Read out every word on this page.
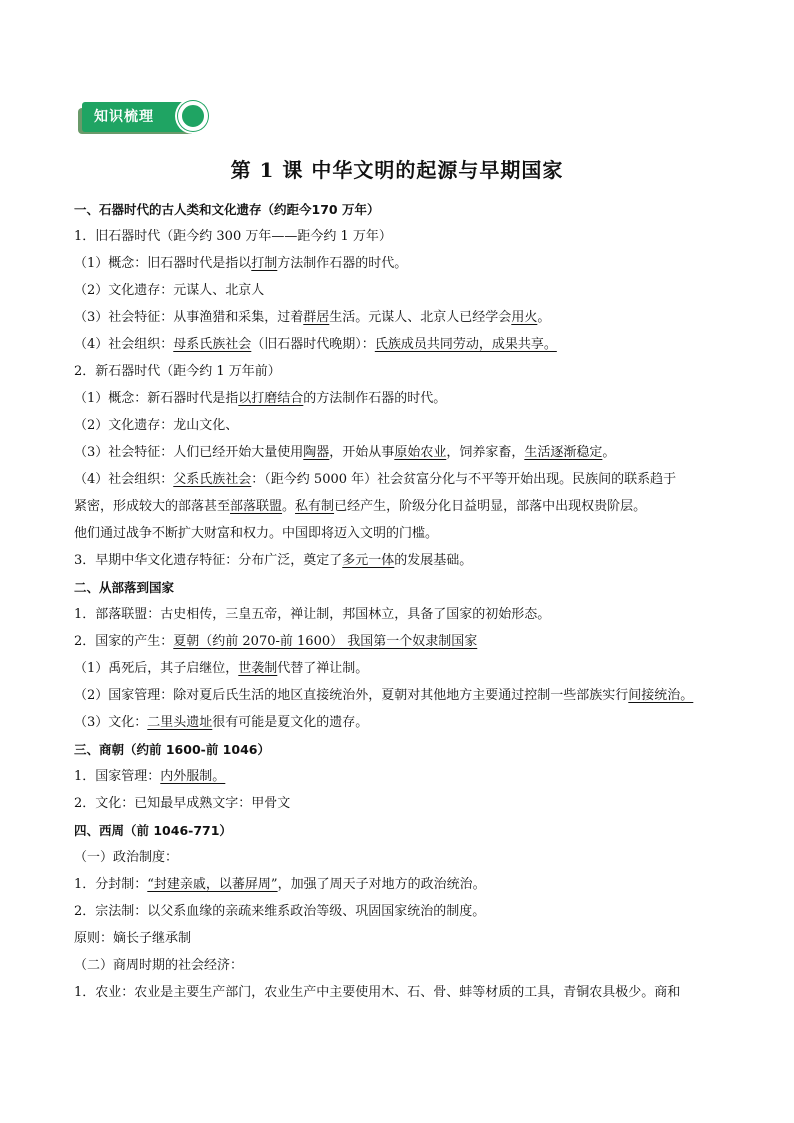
知识梳理
第 1 课 中华文明的起源与早期国家
一、石器时代的古人类和文化遗存（约距今170 万年）
1．旧石器时代（距今约 300 万年——距今约 1 万年）
（1）概念：旧石器时代是指以打制方法制作石器的时代。
（2）文化遗存：元谋人、北京人
（3）社会特征：从事渔猎和采集，过着群居生活。元谋人、北京人已经学会用火。
（4）社会组织：母系氏族社会（旧石器时代晚期）：氏族成员共同劳动，成果共享。
2．新石器时代（距今约 1 万年前）
（1）概念：新石器时代是指以打磨结合的方法制作石器的时代。
（2）文化遗存：龙山文化、
（3）社会特征：人们已经开始大量使用陶器，开始从事原始农业，饲养家畜，生活逐渐稳定。
（4）社会组织：父系氏族社会：（距今约 5000 年）社会贫富分化与不平等开始出现。民族间的联系趋于
紧密，形成较大的部落甚至部落联盟。私有制已经产生，阶级分化日益明显，部落中出现权贵阶层。
他们通过战争不断扩大财富和权力。中国即将迈入文明的门槛。
3．早期中华文化遗存特征：分布广泛，奠定了多元一体的发展基础。
二、从部落到国家
1．部落联盟：古史相传，三皇五帝，禅让制，邦国林立，具备了国家的初始形态。
2．国家的产生：夏朝（约前 2070-前 1600） 我国第一个奴隶制国家
（1）禹死后，其子启继位，世袭制代替了禅让制。
（2）国家管理：除对夏后氏生活的地区直接统治外，夏朝对其他地方主要通过控制一些部族实行间接统治。
（3）文化：二里头遗址很有可能是夏文化的遗存。
三、商朝（约前 1600-前 1046）
1．国家管理：内外服制。
2．文化：已知最早成熟文字：甲骨文
四、西周（前 1046-771）
（一）政治制度：
1．分封制：“封建亲戚，以蕃屏周”，加强了周天子对地方的政治统治。
2．宗法制：以父系血缘的亲疏来维系政治等级、巩固国家统治的制度。
原则：嫡长子继承制
（二）商周时期的社会经济：
1．农业：农业是主要生产部门，农业生产中主要使用木、石、骨、蚌等材质的工具，青铜农具极少。商和
